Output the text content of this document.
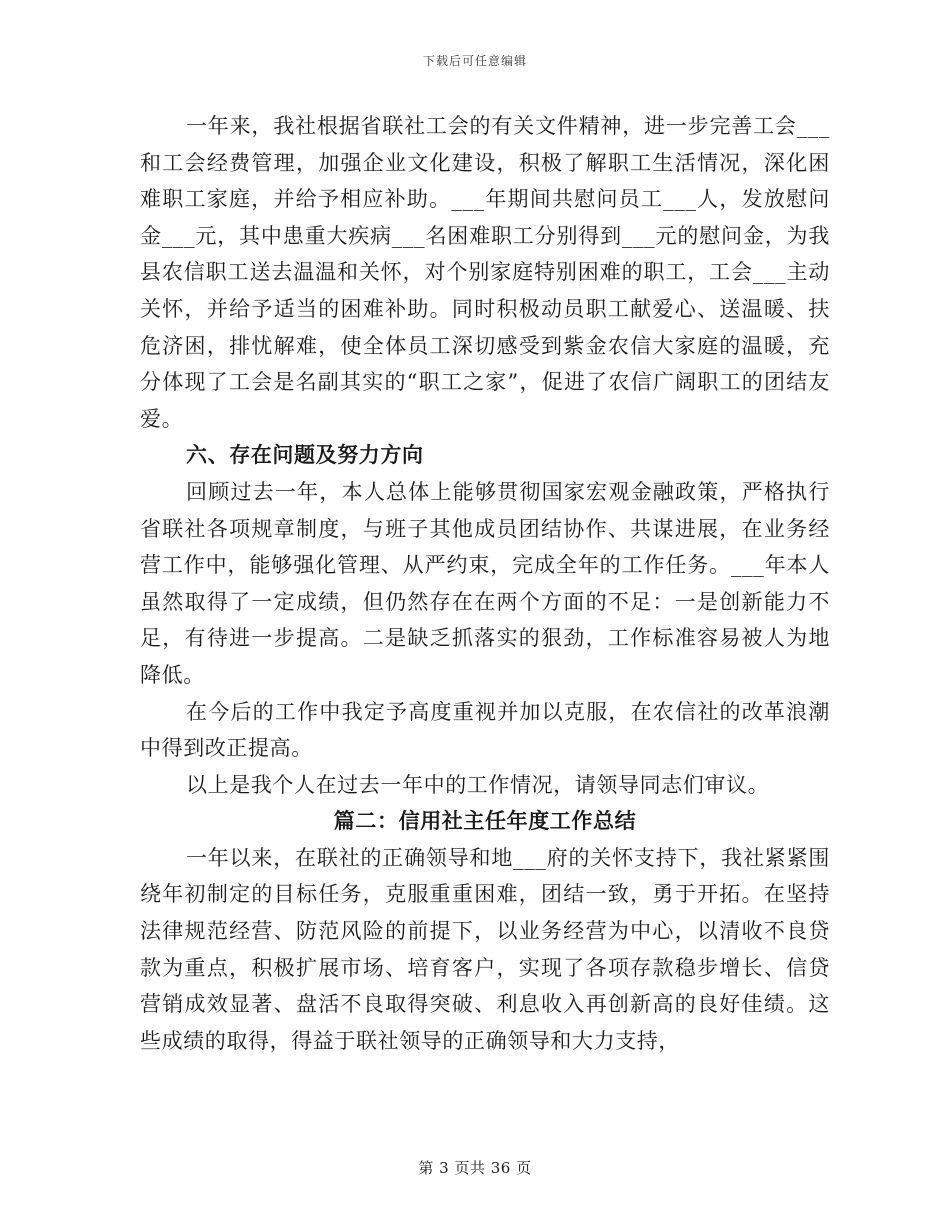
下载后可任意编辑

一年来，我社根据省联社工会的有关文件精神，进一步完善工会___和工会经费管理，加强企业文化建设，积极了解职工生活情况，深化困难职工家庭，并给予相应补助。___年期间共慰问员工___人，发放慰问金___元，其中患重大疾病___名困难职工分别得到___元的慰问金，为我县农信职工送去温温和关怀，对个别家庭特别困难的职工，工会___主动关怀，并给予适当的困难补助。同时积极动员职工献爱心、送温暖、扶危济困，排忧解难，使全体员工深切感受到紫金农信大家庭的温暖，充分体现了工会是名副其实的“职工之家”，促进了农信广阔职工的团结友爱。

六、存在问题及努力方向

回顾过去一年，本人总体上能够贯彻国家宏观金融政策，严格执行省联社各项规章制度，与班子其他成员团结协作、共谋进展，在业务经营工作中，能够强化管理、从严约束，完成全年的工作任务。___年本人虽然取得了一定成绩，但仍然存在在两个方面的不足：一是创新能力不足，有待进一步提高。二是缺乏抓落实的狠劲，工作标准容易被人为地降低。

在今后的工作中我定予高度重视并加以克服，在农信社的改革浪潮中得到改正提高。

以上是我个人在过去一年中的工作情况，请领导同志们审议。

篇二：信用社主任年度工作总结

一年以来，在联社的正确领导和地___府的关怀支持下，我社紧紧围绕年初制定的目标任务，克服重重困难，团结一致，勇于开拓。在坚持法律规范经营、防范风险的前提下，以业务经营为中心，以清收不良贷款为重点，积极扩展市场、培育客户，实现了各项存款稳步增长、信贷营销成效显著、盘活不良取得突破、利息收入再创新高的良好佳绩。这些成绩的取得，得益于联社领导的正确领导和大力支持，

第 3 页共 36 页
